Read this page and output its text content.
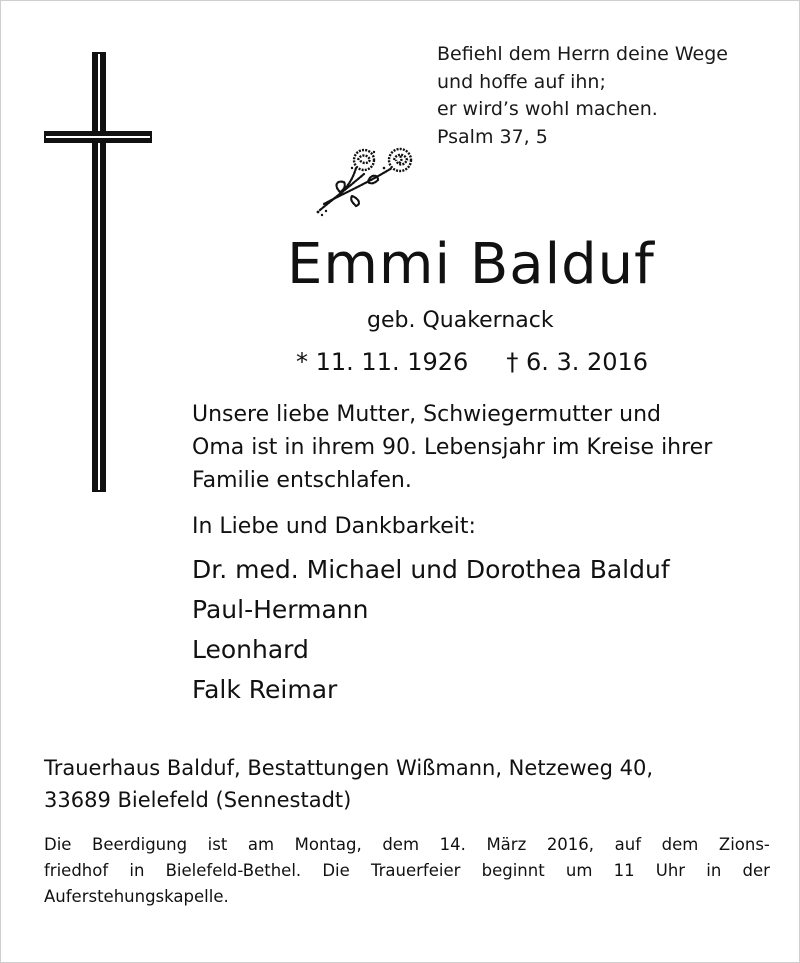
Befiehl dem Herrn deine Wege
und hoffe auf ihn;
er wird’s wohl machen.
Psalm 37, 5
Emmi Balduf
geb. Quakernack
* 11. 11. 1926 † 6. 3. 2016
Unsere liebe Mutter, Schwiegermutter und
Oma ist in ihrem 90. Lebensjahr im Kreise ihrer
Familie entschlafen.
In Liebe und Dankbarkeit:
Dr. med. Michael und Dorothea Balduf
Paul-Hermann
Leonhard
Falk Reimar
Trauerhaus Balduf, Bestattungen Wißmann, Netzeweg 40,
33689 Bielefeld (Sennestadt)
Die Beerdigung ist am Montag, dem 14. März 2016, auf dem Zions-
friedhof in Bielefeld-Bethel. Die Trauerfeier beginnt um 11 Uhr in der
Auferstehungskapelle.
